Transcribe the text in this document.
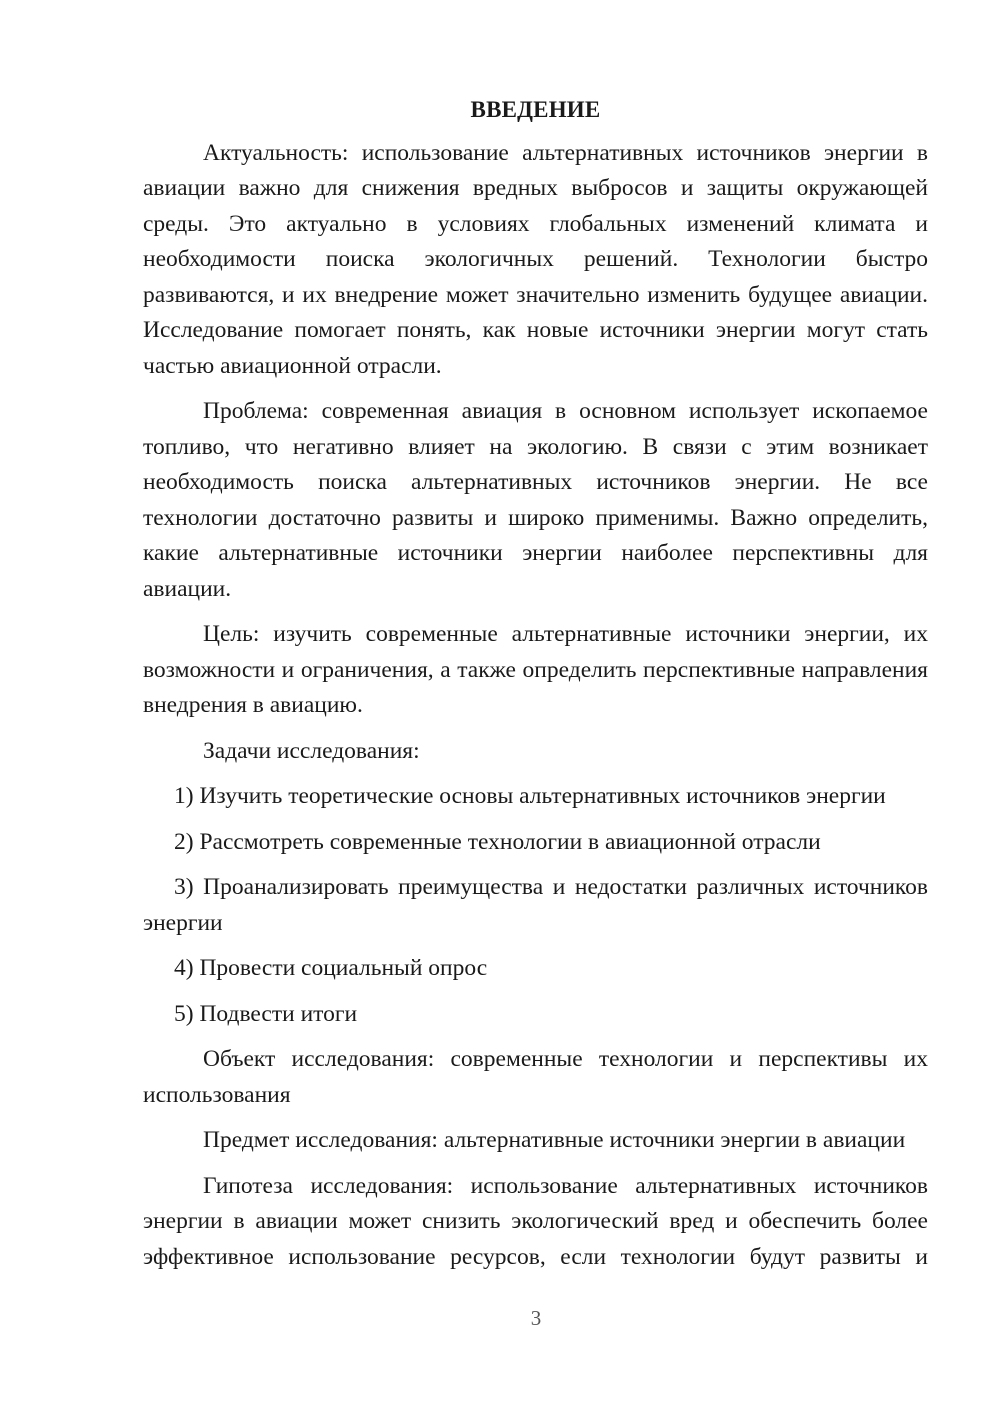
ВВЕДЕНИЕ

Актуальность: использование альтернативных источников энергии в авиации важно для снижения вредных выбросов и защиты окружающей среды. Это актуально в условиях глобальных изменений климата и необходимости поиска экологичных решений. Технологии быстро развиваются, и их внедрение может значительно изменить будущее авиации. Исследование помогает понять, как новые источники энергии могут стать частью авиационной отрасли.

Проблема: современная авиация в основном использует ископаемое топливо, что негативно влияет на экологию. В связи с этим возникает необходимость поиска альтернативных источников энергии. Не все технологии достаточно развиты и широко применимы. Важно определить, какие альтернативные источники энергии наиболее перспективны для авиации.

Цель: изучить современные альтернативные источники энергии, их возможности и ограничения, а также определить перспективные направления внедрения в авиацию.

Задачи исследования:

1) Изучить теоретические основы альтернативных источников энергии

2) Рассмотреть современные технологии в авиационной отрасли

3) Проанализировать преимущества и недостатки различных источников энергии

4) Провести социальный опрос

5) Подвести итоги

Объект исследования: современные технологии и перспективы их использования

Предмет исследования: альтернативные источники энергии в авиации

Гипотеза исследования: использование альтернативных источников энергии в авиации может снизить экологический вред и обеспечить более эффективное использование ресурсов, если технологии будут развиты и

3
